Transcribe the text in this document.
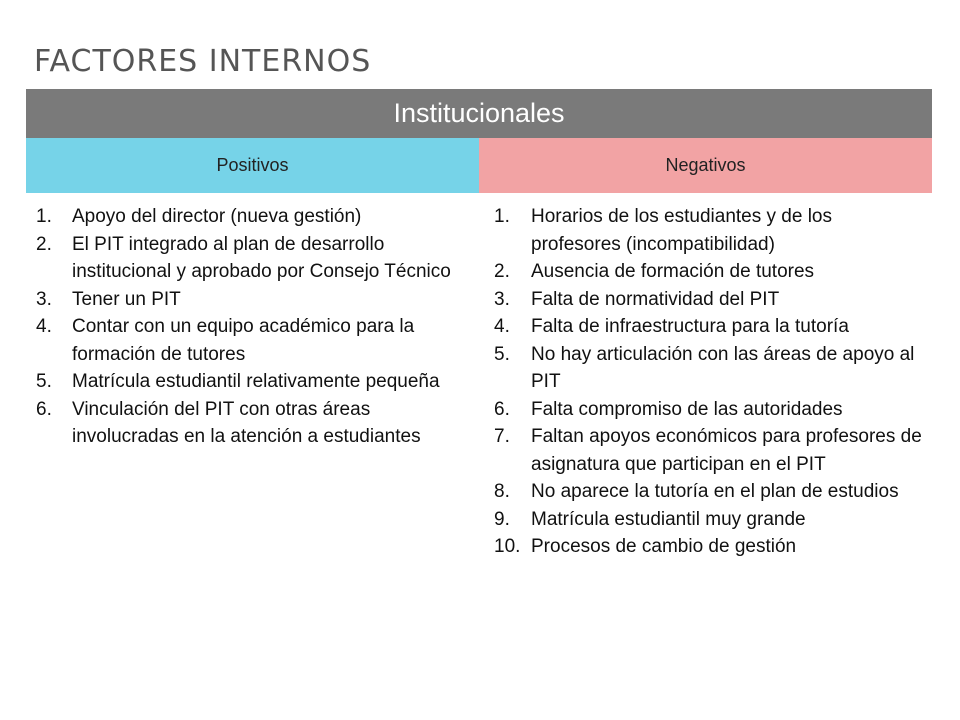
FACTORES INTERNOS
Institucionales
Positivos	Negativos
1. Apoyo del director (nueva gestión)
2. El PIT integrado al plan de desarrollo institucional y aprobado por Consejo Técnico
3. Tener un PIT
4. Contar con un equipo académico para la formación de tutores
5. Matrícula estudiantil relativamente pequeña
6. Vinculación del PIT con otras áreas involucradas en la atención a estudiantes
1. Horarios de los estudiantes y de los profesores (incompatibilidad)
2. Ausencia de formación de tutores
3. Falta de normatividad del PIT
4. Falta de infraestructura para la tutoría
5. No hay articulación con las áreas de apoyo al PIT
6. Falta compromiso de las autoridades
7. Faltan apoyos económicos para profesores de asignatura que participan en el PIT
8. No aparece la tutoría en el plan de estudios
9. Matrícula estudiantil muy grande
10. Procesos de cambio de gestión
